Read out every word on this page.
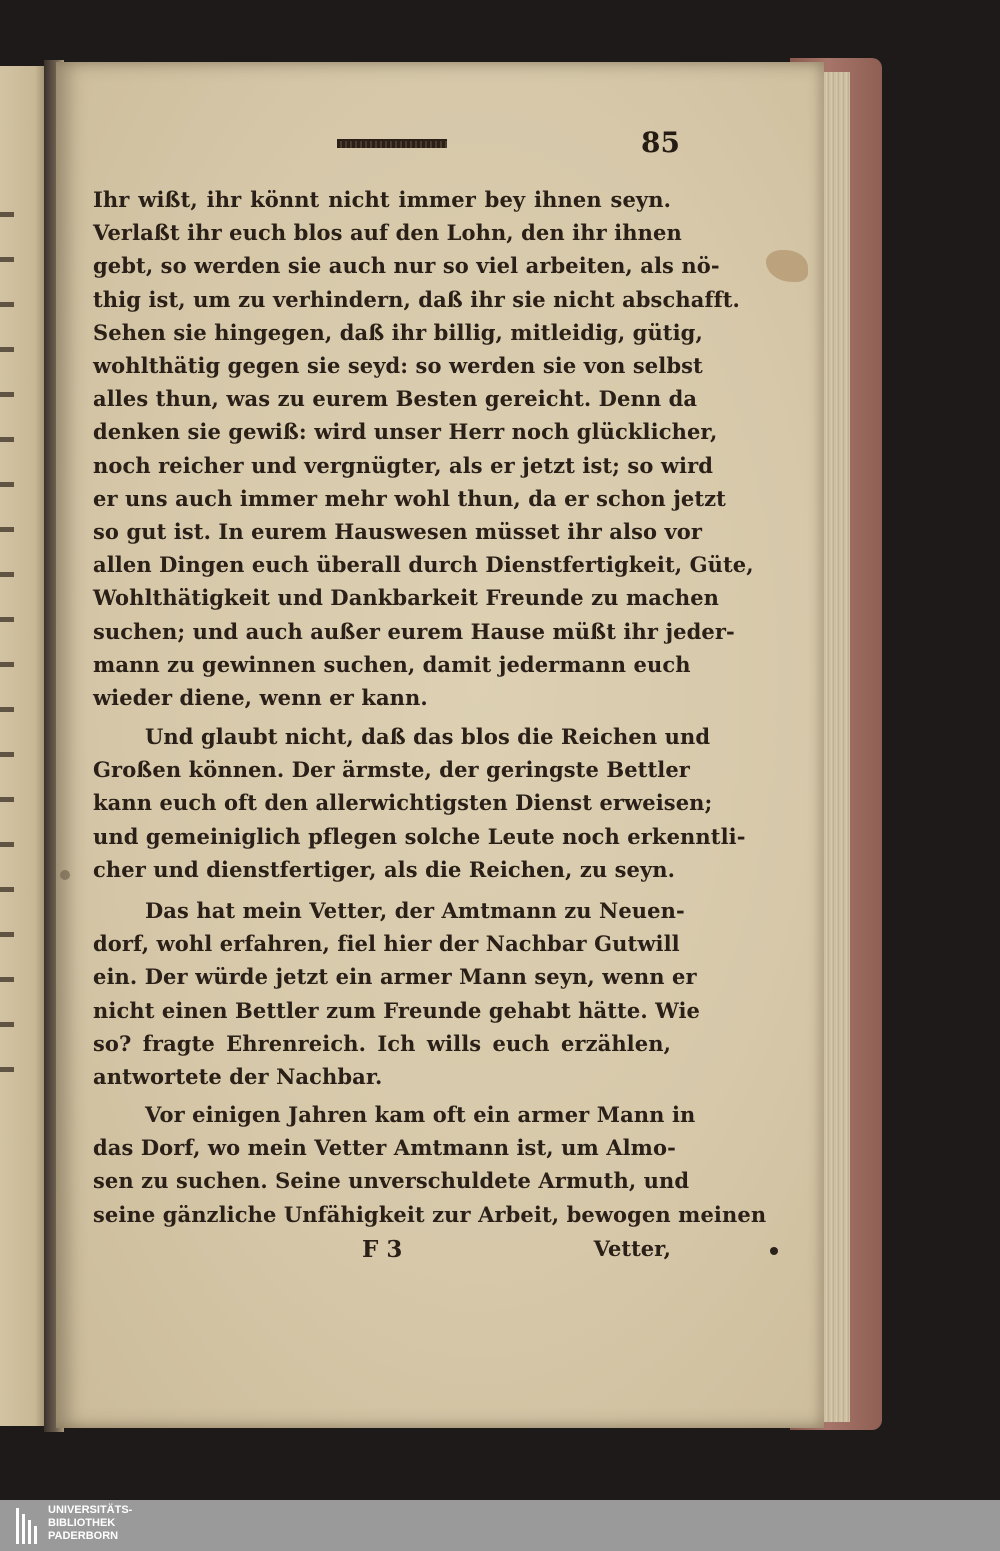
85
F 3	Vetter,
Ihr wißt, ihr könnt nicht immer bey ihnen seyn.
Verlaßt ihr euch blos auf den Lohn, den ihr ihnen
gebt, so werden sie auch nur so viel arbeiten, als nö-
thig ist, um zu verhindern, daß ihr sie nicht abschafft.
Sehen sie hingegen, daß ihr billig, mitleidig, gütig,
wohlthätig gegen sie seyd: so werden sie von selbst
alles thun, was zu eurem Besten gereicht. Denn da
denken sie gewiß: wird unser Herr noch glücklicher,
noch reicher und vergnügter, als er jetzt ist; so wird
er uns auch immer mehr wohl thun, da er schon jetzt
so gut ist. In eurem Hauswesen müsset ihr also vor
allen Dingen euch überall durch Dienstfertigkeit, Güte,
Wohlthätigkeit und Dankbarkeit Freunde zu machen
suchen; und auch außer eurem Hause müßt ihr jeder-
mann zu gewinnen suchen, damit jedermann euch
wieder diene, wenn er kann.
Und glaubt nicht, daß das blos die Reichen und
Großen können. Der ärmste, der geringste Bettler
kann euch oft den allerwichtigsten Dienst erweisen;
und gemeiniglich pflegen solche Leute noch erkenntli-
cher und dienstfertiger, als die Reichen, zu seyn.
Das hat mein Vetter, der Amtmann zu Neuen-
dorf, wohl erfahren, fiel hier der Nachbar Gutwill
ein. Der würde jetzt ein armer Mann seyn, wenn er
nicht einen Bettler zum Freunde gehabt hätte. Wie
so? fragte Ehrenreich. Ich wills euch erzählen,
antwortete der Nachbar.
Vor einigen Jahren kam oft ein armer Mann in
das Dorf, wo mein Vetter Amtmann ist, um Almo-
sen zu suchen. Seine unverschuldete Armuth, und
seine gänzliche Unfähigkeit zur Arbeit, bewogen meinen
UNIVERSITÄTS-
BIBLIOTHEK
PADERBORN
